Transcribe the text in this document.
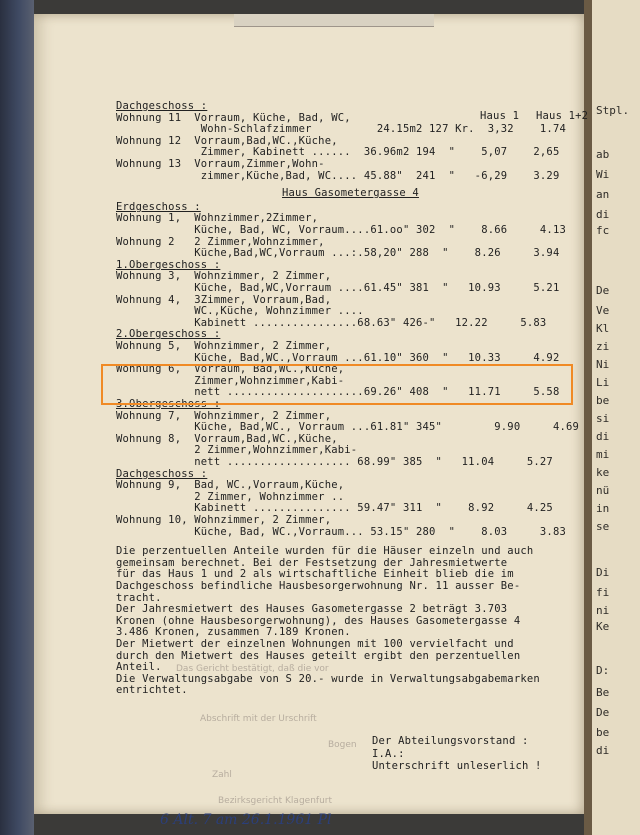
Stpl.
ab
Wi
an
di
fc
De
Ve
Kl
zi
Ni
Li
be
si
di
mi
ke
nü
in
se
Di
fi
ni
Ke
D:
Be
De
be
di
Dachgeschoss :
Haus 1 Haus 1+2
Wohnung 11  Vorraum, Küche, Bad, WC,
Wohn-Schlafzimmer          24.15m2 127 Kr.  3,32    1.74
Wohnung 12  Vorraum,Bad,WC.,Küche,
Zimmer, Kabinett ......  36.96m2 194  "    5,07    2,65
Wohnung 13  Vorraum,Zimmer,Wohn-
zimmer,Küche,Bad, WC.... 45.88"  241  "   -6,29    3.29
Haus Gasometergasse 4
Erdgeschoss :
Wohnung 1,  Wohnzimmer,2Zimmer,
Küche, Bad, WC, Vorraum....61.oo" 302  "    8.66     4.13
Wohnung 2   2 Zimmer,Wohnzimmer,
Küche,Bad,WC,Vorraum ...:.58,20" 288  "    8.26     3.94
1.Obergeschoss :
Wohnung 3,  Wohnzimmer, 2 Zimmer,
Küche, Bad,WC,Vorraum ....61.45" 381  "   10.93     5.21
Wohnung 4,  3Zimmer, Vorraum,Bad,
WC.,Küche, Wohnzimmer ....
Kabinett ................68.63" 426-"   12.22     5.83
2.Obergeschoss :
Wohnung 5,  Wohnzimmer, 2 Zimmer,
Küche, Bad,WC.,Vorraum ...61.10" 360  "   10.33     4.92
Wohnung 6,  Vorraum, Bad,WC.,Küche,
Zimmer,Wohnzimmer,Kabi-
nett .....................69.26" 408  "   11.71     5.58
3.Obergeschoss :
Wohnung 7,  Wohnzimmer, 2 Zimmer,
Küche, Bad,WC., Vorraum ...61.81" 345"        9.90     4.69
Wohnung 8,  Vorraum,Bad,WC.,Küche,
2 Zimmer,Wohnzimmer,Kabi-
nett ................... 68.99" 385  "   11.04     5.27
Dachgeschoss :
Wohnung 9,  Bad, WC.,Vorraum,Küche,
2 Zimmer, Wohnzimmer ..
Kabinett ............... 59.47" 311  "    8.92     4.25
Wohnung 10, Wohnzimmer, 2 Zimmer,
Küche, Bad, WC.,Vorraum... 53.15" 280  "    8.03     3.83
Die perzentuellen Anteile wurden für die Häuser einzeln und auch
gemeinsam berechnet. Bei der Festsetzung der Jahresmietwerte
für das Haus 1 und 2 als wirtschaftliche Einheit blieb die im
Dachgeschoss befindliche Hausbesorgerwohnung Nr. 11 ausser Be-
tracht.
Der Jahresmietwert des Hauses Gasometergasse 2 beträgt 3.703
Kronen (ohne Hausbesorgerwohnung), des Hauses Gasometergasse 4
3.486 Kronen, zusammen 7.189 Kronen.
Der Mietwert der einzelnen Wohnungen mit 100 vervielfacht und
durch den Mietwert des Hauses geteilt ergibt den perzentuellen
Anteil.
Die Verwaltungsabgabe von S 20.- wurde in Verwaltungsabgabemarken
entrichtet.
Der Abteilungsvorstand :
I.A.:
Unterschrift unleserlich !
Das Gericht bestätigt, daß die vor
Abschrift mit der Urschrift
Bogen
Zahl
Bezirksgericht Klagenfurt
6 Alt. 7 am 26.1.1961 Pl
